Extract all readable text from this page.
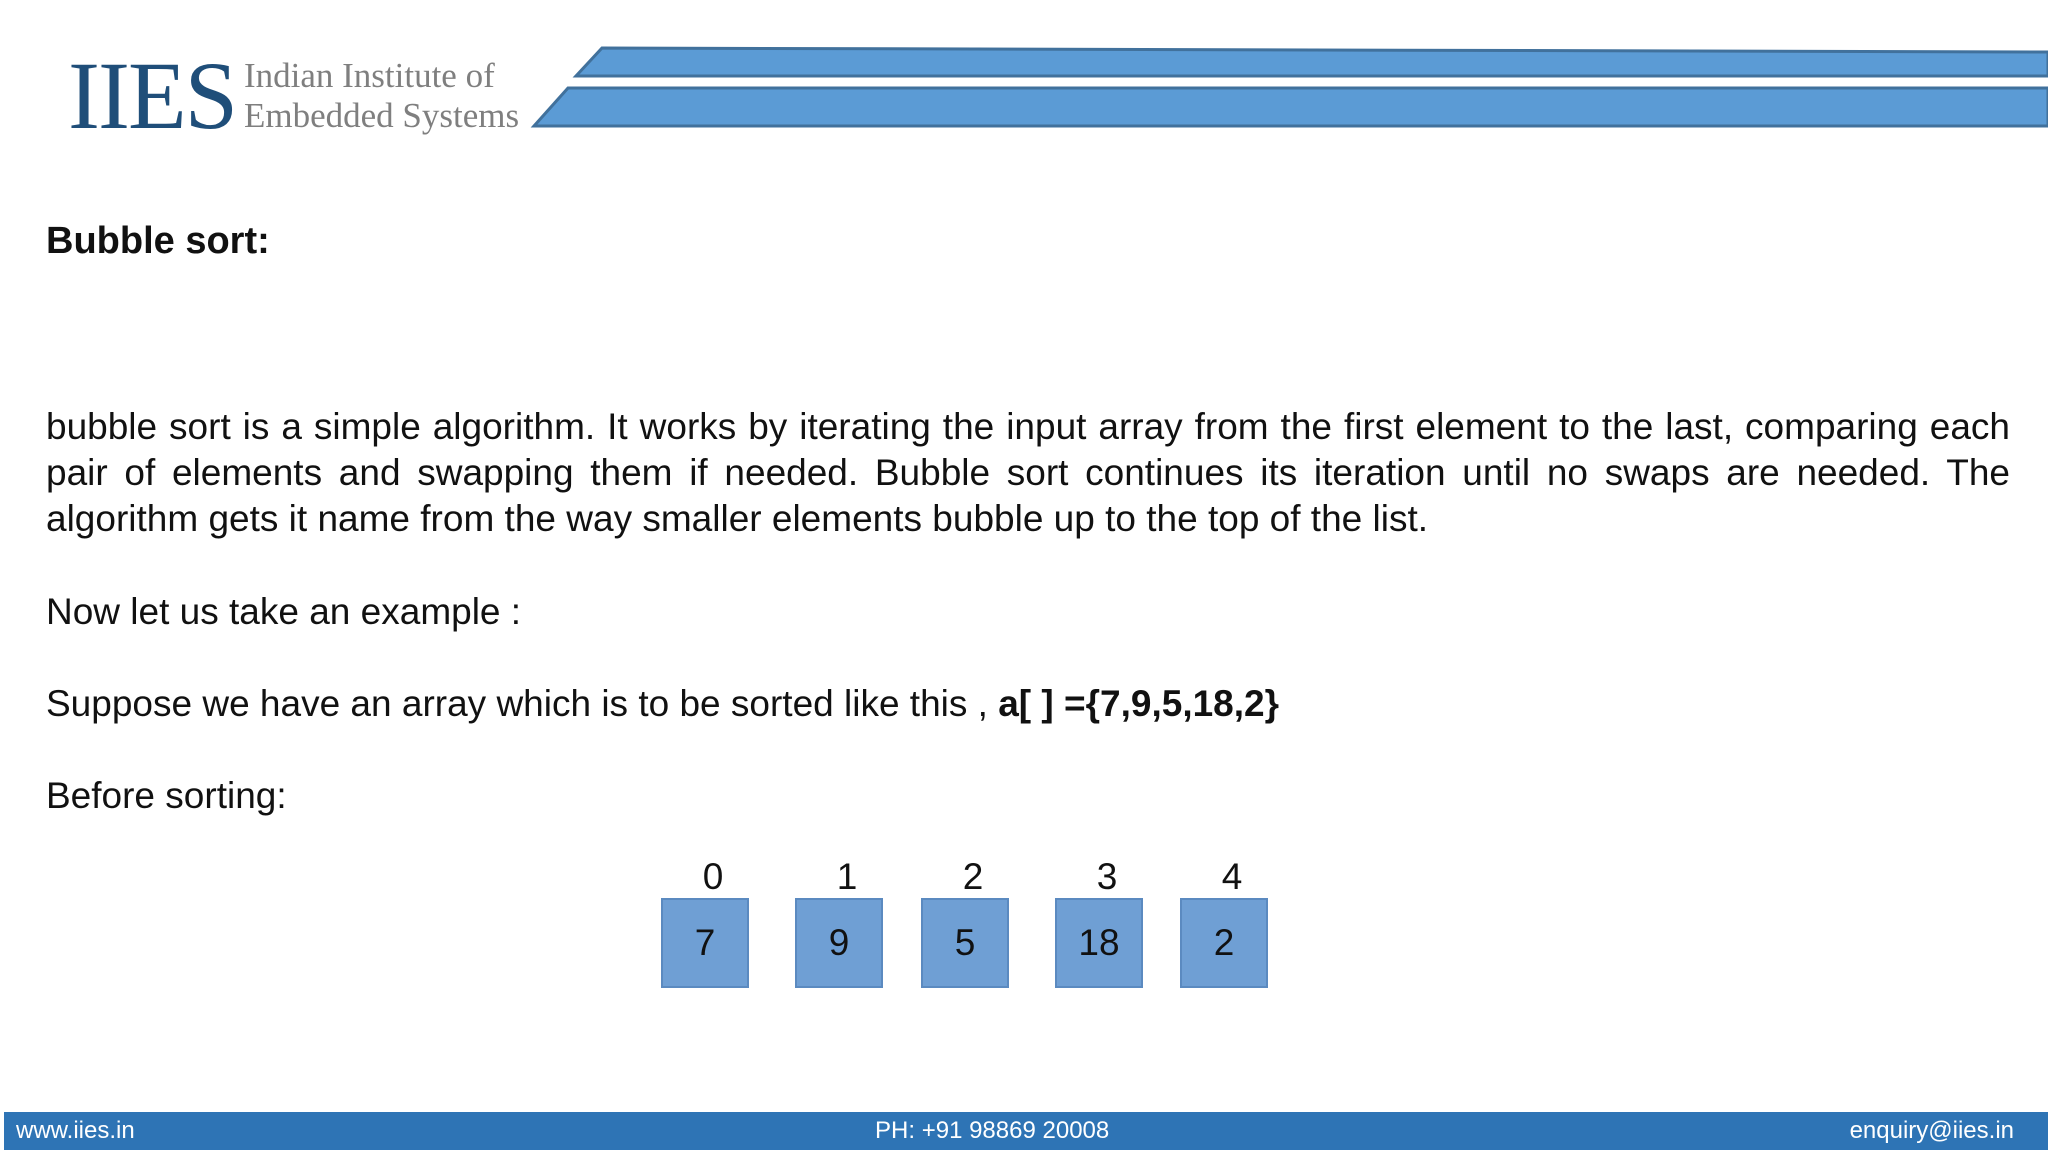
IIES Indian Institute of
Embedded Systems
Bubble sort:
bubble sort is a simple algorithm. It works by iterating the input array from the first element to the last, comparing each pair of elements and swapping them if needed. Bubble sort continues its iteration until no swaps are needed. The algorithm gets it name from the way smaller elements bubble up to the top of the list.
Now let us take an example :
Suppose we have an array which is to be sorted like this , a[ ] ={7,9,5,18,2}
Before sorting:
0	1	2	3	4
7	9	5	18	2
www.iies.in	PH: +91 98869 20008	enquiry@iies.in
